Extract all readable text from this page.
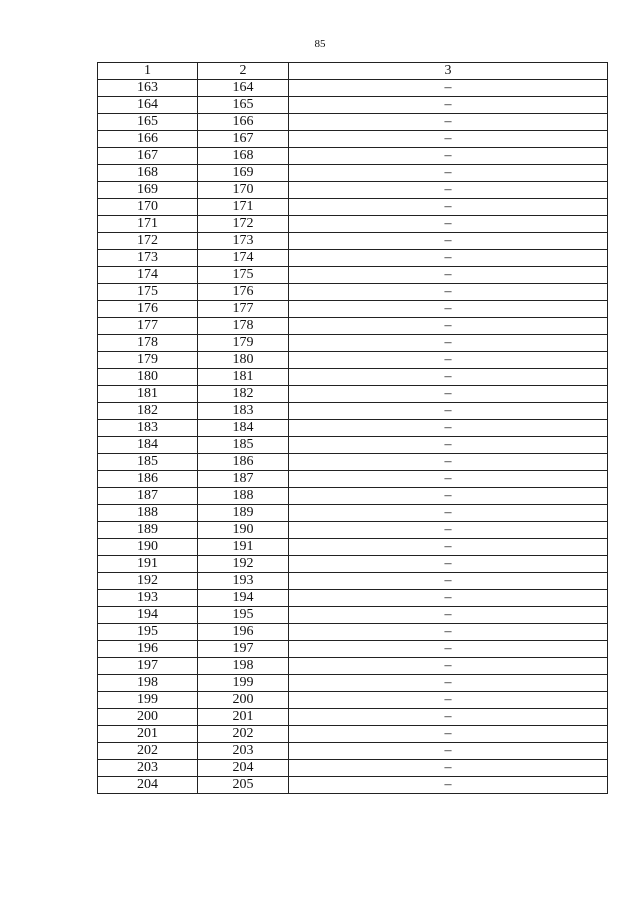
85
1	2	3
163	164	–
164	165	–
165	166	–
166	167	–
167	168	–
168	169	–
169	170	–
170	171	–
171	172	–
172	173	–
173	174	–
174	175	–
175	176	–
176	177	–
177	178	–
178	179	–
179	180	–
180	181	–
181	182	–
182	183	–
183	184	–
184	185	–
185	186	–
186	187	–
187	188	–
188	189	–
189	190	–
190	191	–
191	192	–
192	193	–
193	194	–
194	195	–
195	196	–
196	197	–
197	198	–
198	199	–
199	200	–
200	201	–
201	202	–
202	203	–
203	204	–
204	205	–
